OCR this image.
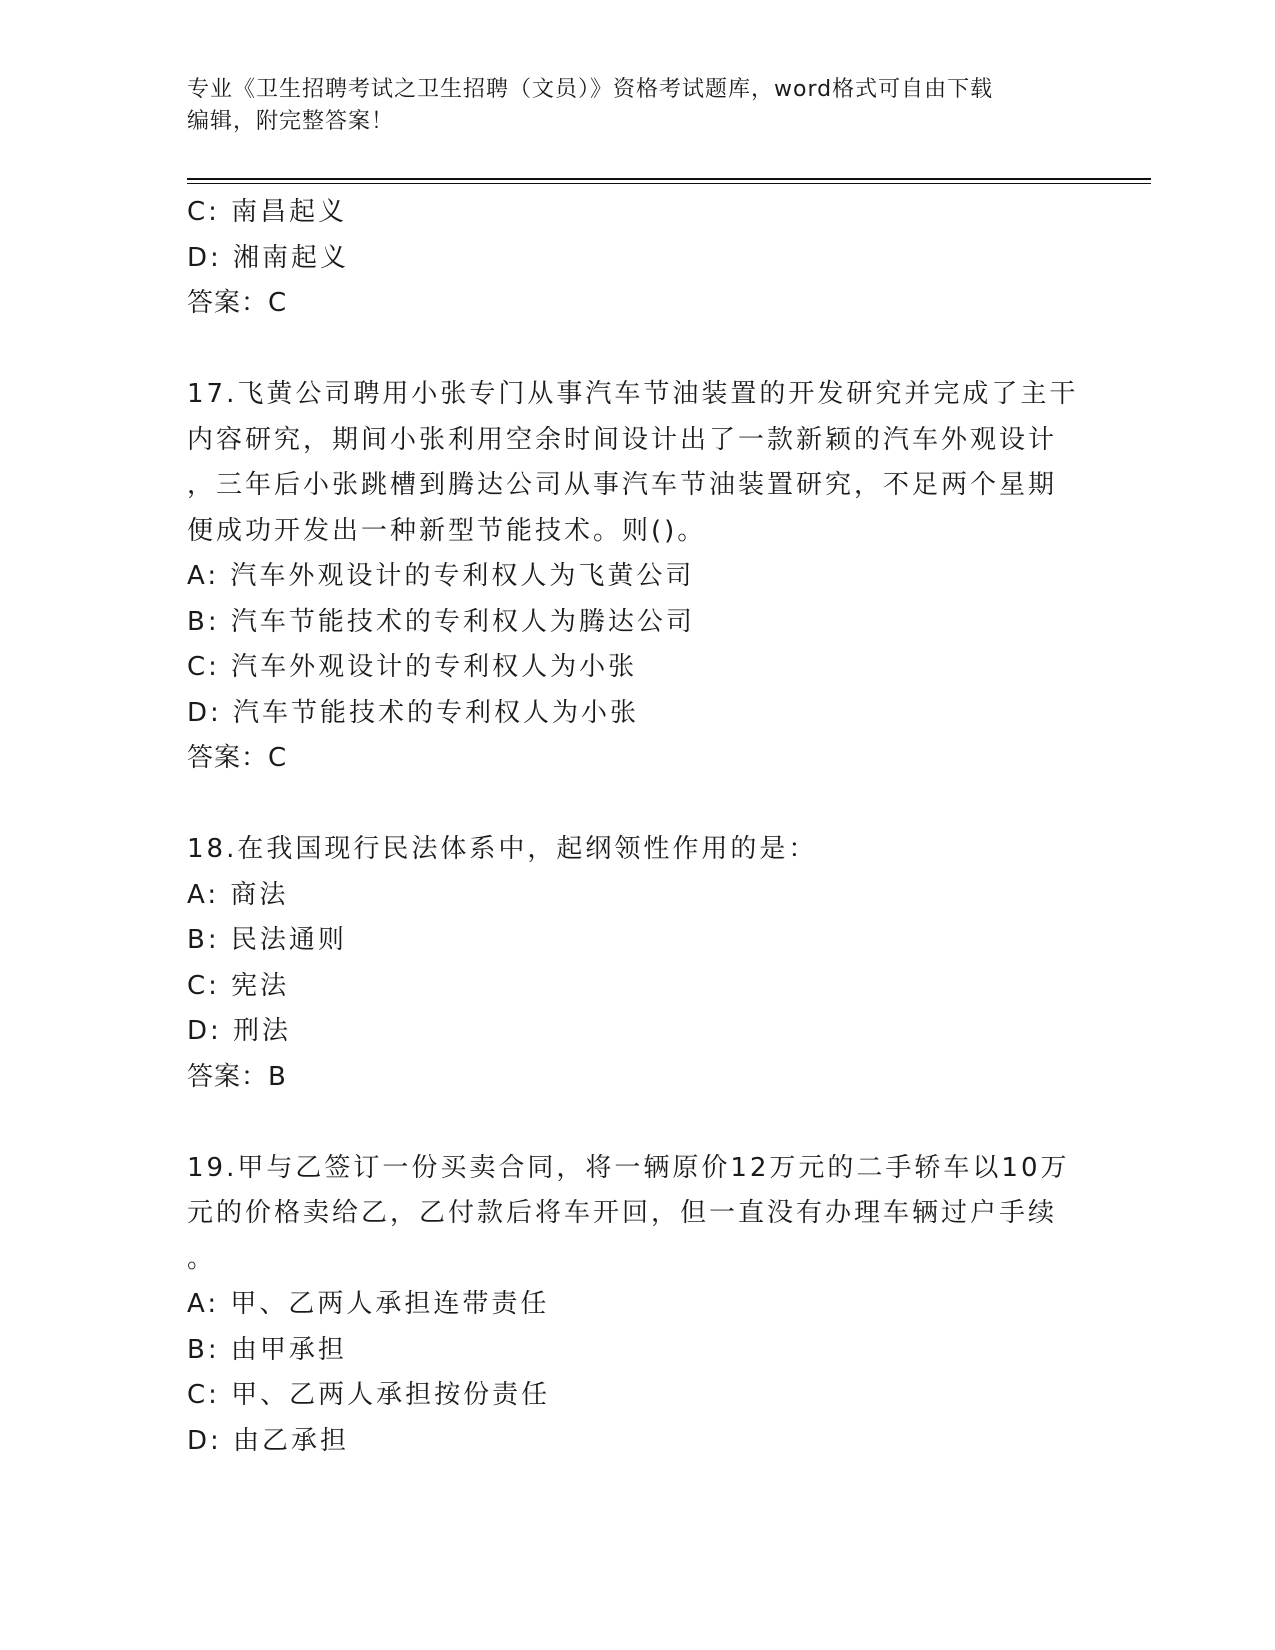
专业《卫生招聘考试之卫生招聘（文员）》资格考试题库，word格式可自由下载
编辑，附完整答案！
C: 南昌起义
D: 湘南起义
答案：C
17.飞黄公司聘用小张专门从事汽车节油装置的开发研究并完成了主干
内容研究，期间小张利用空余时间设计出了一款新颖的汽车外观设计
，三年后小张跳槽到腾达公司从事汽车节油装置研究，不足两个星期
便成功开发出一种新型节能技术。则()。
A: 汽车外观设计的专利权人为飞黄公司
B: 汽车节能技术的专利权人为腾达公司
C: 汽车外观设计的专利权人为小张
D: 汽车节能技术的专利权人为小张
答案：C
18.在我国现行民法体系中，起纲领性作用的是：
A: 商法
B: 民法通则
C: 宪法
D: 刑法
答案：B
19.甲与乙签订一份买卖合同，将一辆原价12万元的二手轿车以10万
元的价格卖给乙，乙付款后将车开回，但一直没有办理车辆过户手续
。
A: 甲、乙两人承担连带责任
B: 由甲承担
C: 甲、乙两人承担按份责任
D: 由乙承担
